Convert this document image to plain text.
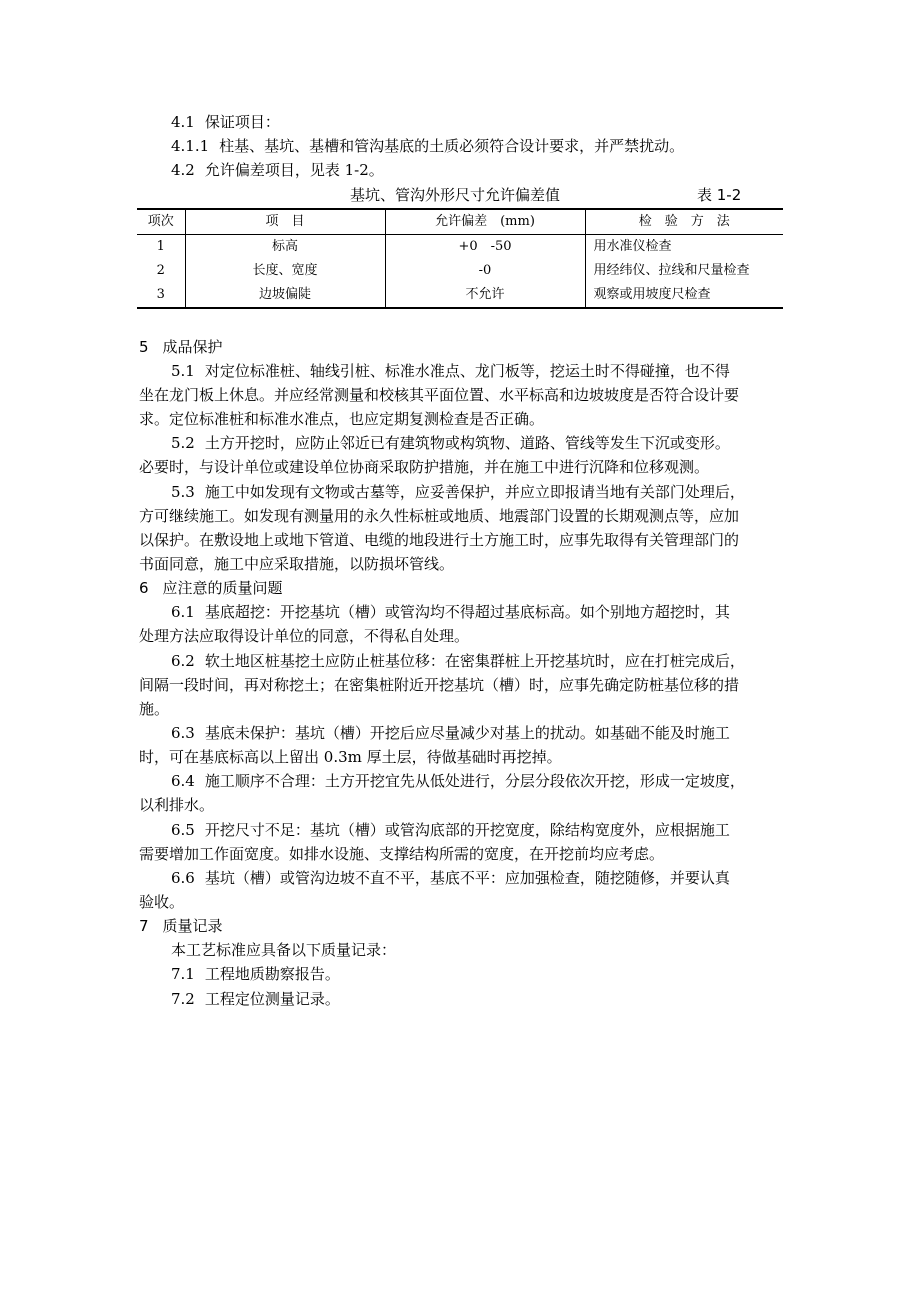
4.1 保证项目：
4.1.1 柱基、基坑、基槽和管沟基底的土质必须符合设计要求，并严禁扰动。
4.2 允许偏差项目，见表 1-2。
基坑、管沟外形尺寸允许偏差值	表 1-2
项次	项　目	允许偏差　(mm)	检　验　方　法
1	标高	+0　-50	用水准仪检查
2	长度、宽度	-0	用经纬仪、拉线和尺量检查
3	边坡偏陡	不允许	观察或用坡度尺检查
5 成品保护
5.1 对定位标准桩、轴线引桩、标准水准点、龙门板等，挖运土时不得碰撞，也不得
坐在龙门板上休息。并应经常测量和校核其平面位置、水平标高和边坡坡度是否符合设计要
求。定位标准桩和标准水准点，也应定期复测检查是否正确。
5.2 土方开挖时，应防止邻近已有建筑物或构筑物、道路、管线等发生下沉或变形。
必要时，与设计单位或建设单位协商采取防护措施，并在施工中进行沉降和位移观测。
5.3 施工中如发现有文物或古墓等，应妥善保护，并应立即报请当地有关部门处理后，
方可继续施工。如发现有测量用的永久性标桩或地质、地震部门设置的长期观测点等，应加
以保护。在敷设地上或地下管道、电缆的地段进行土方施工时，应事先取得有关管理部门的
书面同意，施工中应采取措施，以防损坏管线。
6 应注意的质量问题
6.1 基底超挖：开挖基坑（槽）或管沟均不得超过基底标高。如个别地方超挖时，其
处理方法应取得设计单位的同意，不得私自处理。
6.2 软土地区桩基挖土应防止桩基位移：在密集群桩上开挖基坑时，应在打桩完成后，
间隔一段时间，再对称挖土；在密集桩附近开挖基坑（槽）时，应事先确定防桩基位移的措
施。
6.3 基底未保护：基坑（槽）开挖后应尽量减少对基上的扰动。如基础不能及时施工
时，可在基底标高以上留出 0.3m 厚土层，待做基础时再挖掉。
6.4 施工顺序不合理：土方开挖宜先从低处进行，分层分段依次开挖，形成一定坡度，
以利排水。
6.5 开挖尺寸不足：基坑（槽）或管沟底部的开挖宽度，除结构宽度外，应根据施工
需要增加工作面宽度。如排水设施、支撑结构所需的宽度，在开挖前均应考虑。
6.6 基坑（槽）或管沟边坡不直不平，基底不平：应加强检查，随挖随修，并要认真
验收。
7 质量记录
本工艺标准应具备以下质量记录：
7.1 工程地质勘察报告。
7.2 工程定位测量记录。
